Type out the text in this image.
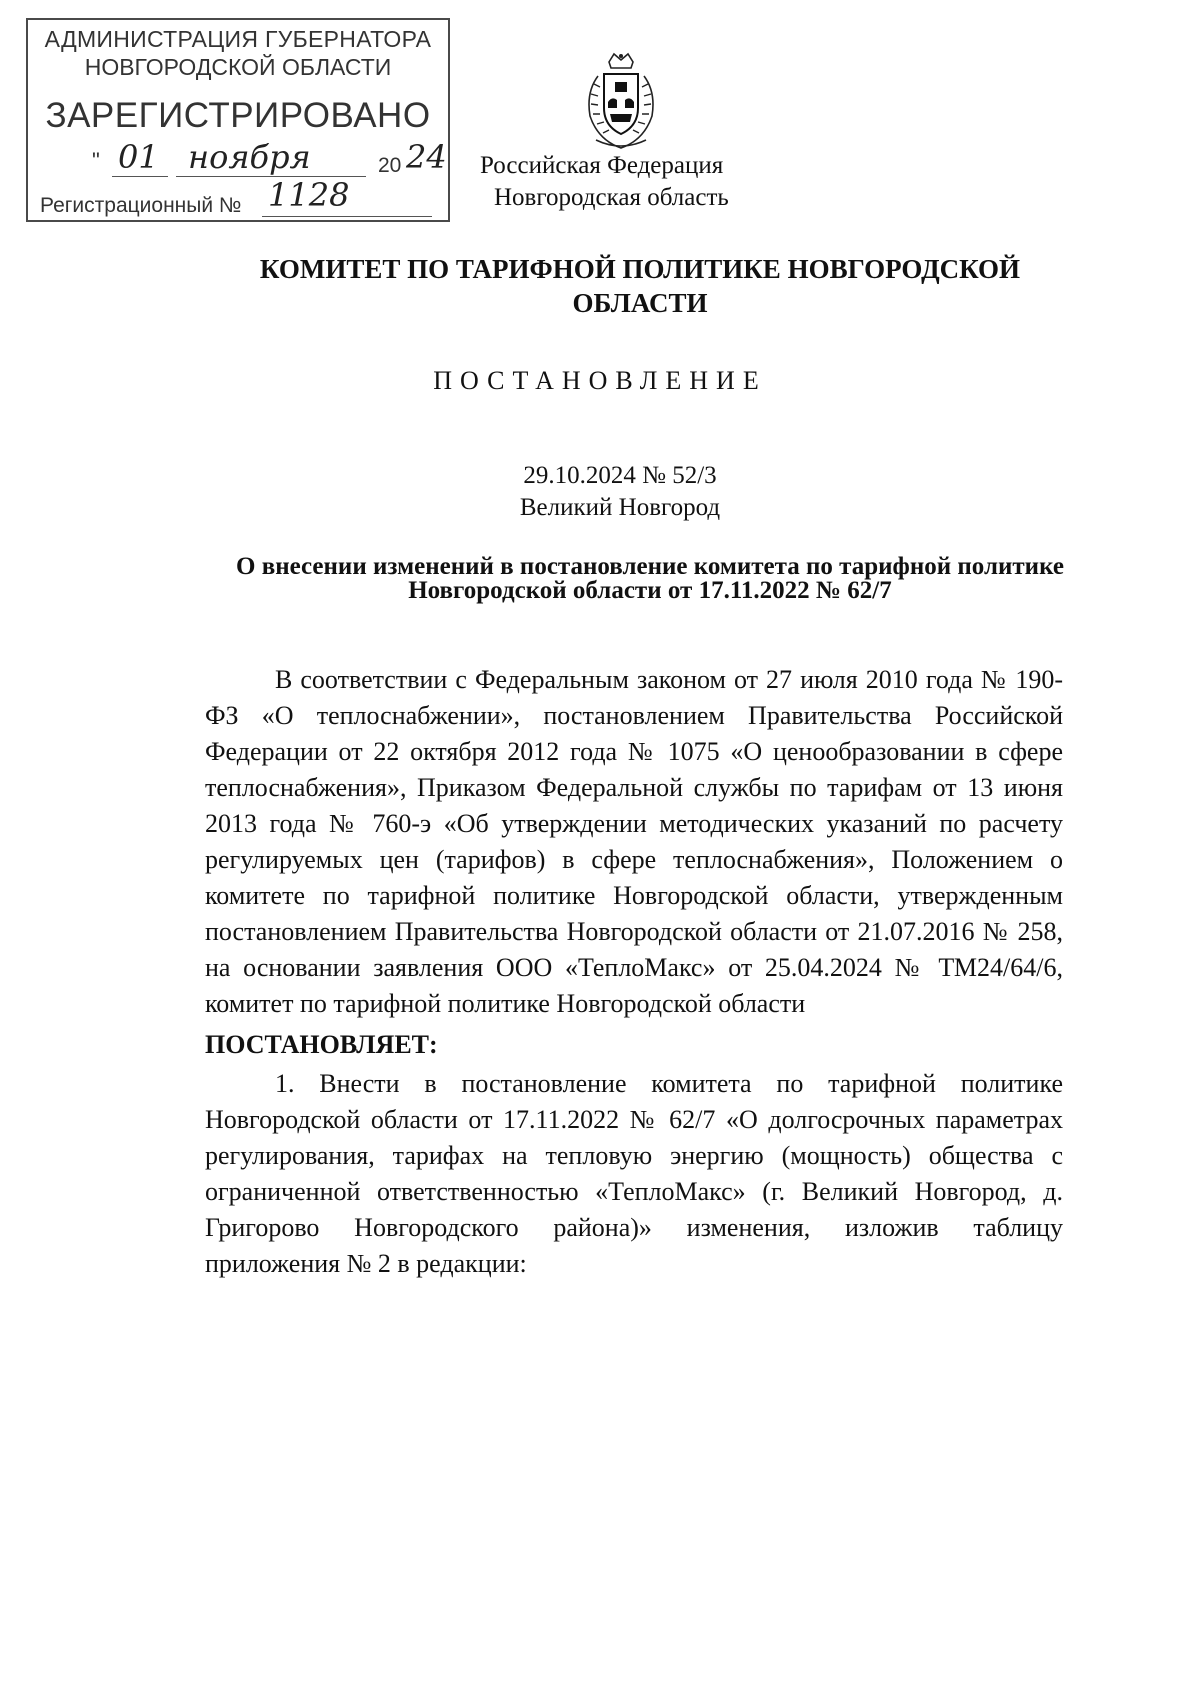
АДМИНИСТРАЦИЯ ГУБЕРНАТОРА
НОВГОРОДСКОЙ ОБЛАСТИ
ЗАРЕГИСТРИРОВАНО
" 01 ноября	20 24
Регистрационный № 1128
Российская Федерация
Новгородская область
КОМИТЕТ ПО ТАРИФНОЙ ПОЛИТИКЕ НОВГОРОДСКОЙ ОБЛАСТИ
ПОСТАНОВЛЕНИЕ
29.10.2024 № 52/3
Великий Новгород
О внесении изменений в постановление комитета по тарифной политике Новгородской области от 17.11.2022 № 62/7

В соответствии с Федеральным законом от 27 июля 2010 года № 190-ФЗ «О теплоснабжении», постановлением Правительства Российской Федерации от 22 октября 2012 года № 1075 «О ценообразовании в сфере теплоснабжения», Приказом Федеральной службы по тарифам от 13 июня 2013 года № 760-э «Об утверждении методических указаний по расчету регулируемых цен (тарифов) в сфере теплоснабжения», Положением о комитете по тарифной политике Новгородской области, утвержденным постановлением Правительства Новгородской области от 21.07.2016 № 258, на основании заявления ООО «ТеплоМакс» от 25.04.2024 № ТМ24/64/6, комитет по тарифной политике Новгородской области

ПОСТАНОВЛЯЕТ:

1. Внести в постановление комитета по тарифной политике Новгородской области от 17.11.2022 № 62/7 «О долгосрочных параметрах регулирования, тарифах на тепловую энергию (мощность) общества с ограниченной ответственностью «ТеплоМакс» (г. Великий Новгород, д. Григорово Новгородского района)» изменения, изложив таблицу приложения № 2 в редакции:
